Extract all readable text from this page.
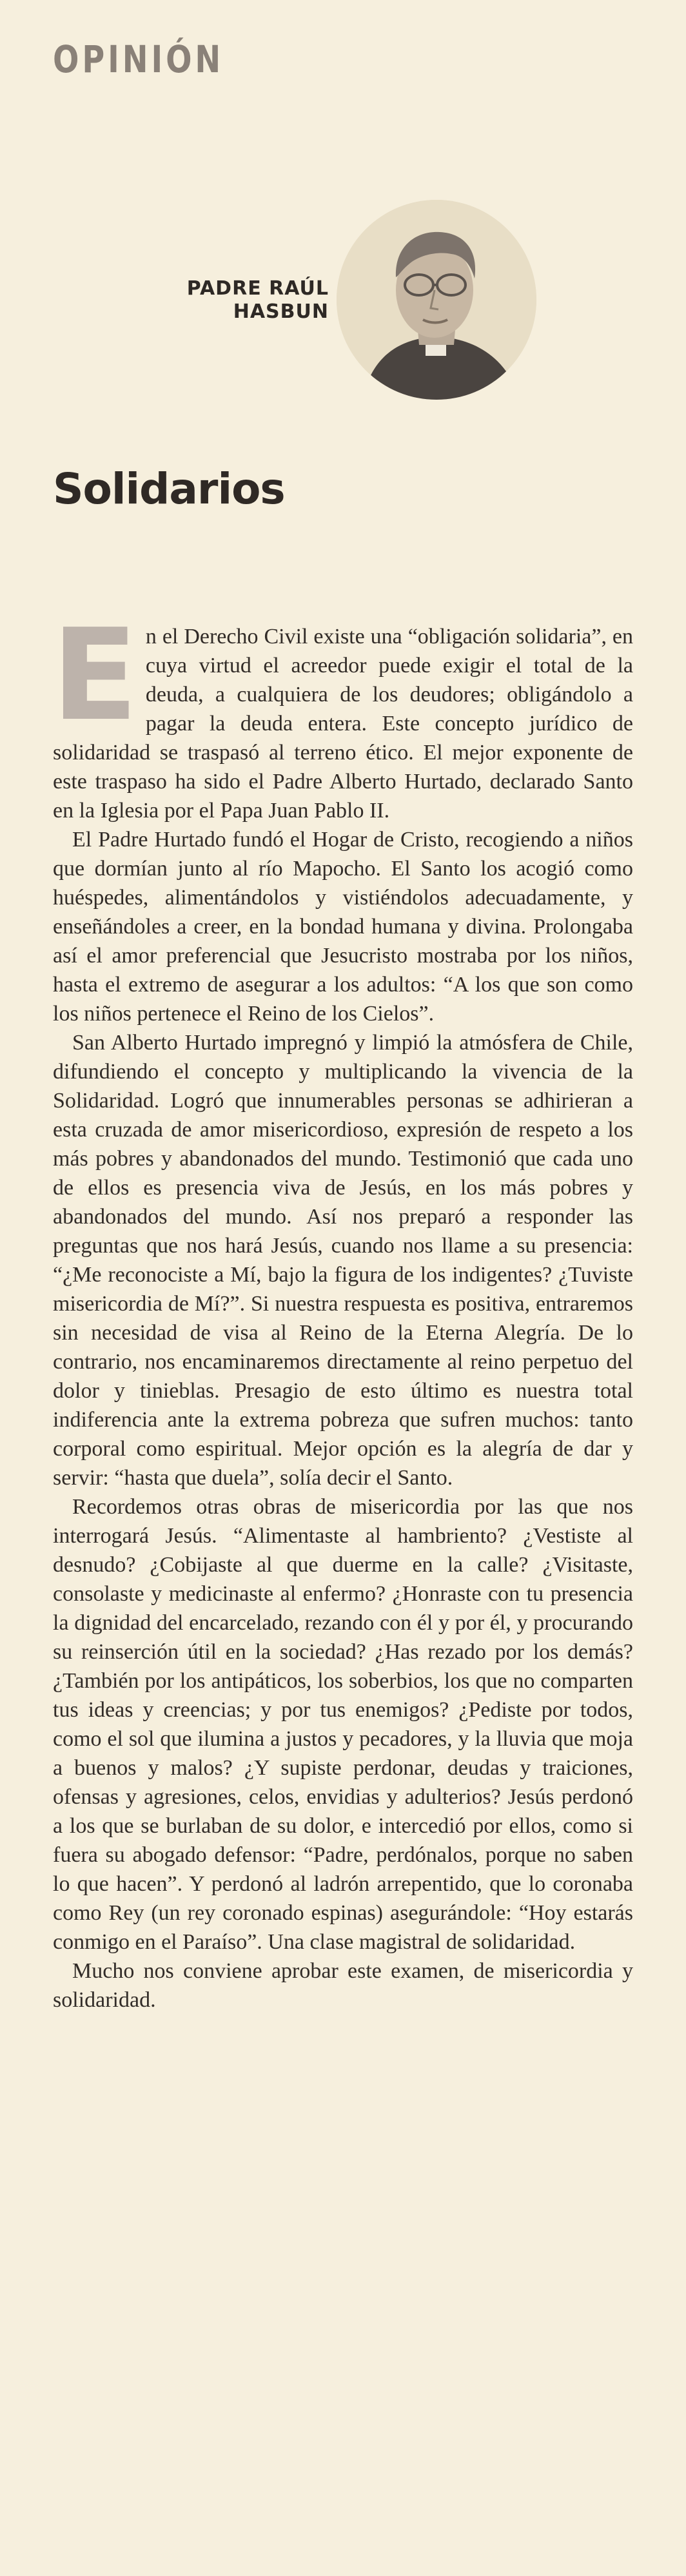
OPINIÓN
PADRE RAÚL
HASBUN
Solidarios

En el Derecho Civil existe una “obligación solidaria”, en cuya virtud el acreedor puede exigir el total de la deuda, a cualquiera de los deudores; obligándolo a pagar la deuda entera. Este concepto jurídico de solidaridad se traspasó al terreno ético. El mejor exponente de este traspaso ha sido el Padre Alberto Hurtado, declarado Santo en la Iglesia por el Papa Juan Pablo II.

El Padre Hurtado fundó el Hogar de Cristo, recogiendo a niños que dormían junto al río Mapocho. El Santo los acogió como huéspedes, alimentándolos y vistiéndolos adecuadamente, y enseñándoles a creer, en la bondad humana y divina. Prolongaba así el amor preferencial que Jesucristo mostraba por los niños, hasta el extremo de asegurar a los adultos: “A los que son como los niños pertenece el Reino de los Cielos”.

San Alberto Hurtado impregnó y limpió la atmósfera de Chile, difundiendo el concepto y multiplicando la vivencia de la Solidaridad. Logró que innumerables personas se adhirieran a esta cruzada de amor misericordioso, expresión de respeto a los más pobres y abandonados del mundo. Testimonió que cada uno de ellos es presencia viva de Jesús, en los más pobres y abandonados del mundo. Así nos preparó a responder las preguntas que nos hará Jesús, cuando nos llame a su presencia: “¿Me reconociste a Mí, bajo la figura de los indigentes? ¿Tuviste misericordia de Mí?”. Si nuestra respuesta es positiva, entraremos sin necesidad de visa al Reino de la Eterna Alegría. De lo contrario, nos encaminaremos directamente al reino perpetuo del dolor y tinieblas. Presagio de esto último es nuestra total indiferencia ante la extrema pobreza que sufren muchos: tanto corporal como espiritual. Mejor opción es la alegría de dar y servir: “hasta que duela”, solía decir el Santo.

Recordemos otras obras de misericordia por las que nos interrogará Jesús. “Alimentaste al hambriento? ¿Vestiste al desnudo? ¿Cobijaste al que duerme en la calle? ¿Visitaste, consolaste y medicinaste al enfermo? ¿Honraste con tu presencia la dignidad del encarcelado, rezando con él y por él, y procurando su reinserción útil en la sociedad? ¿Has rezado por los demás? ¿También por los antipáticos, los soberbios, los que no comparten tus ideas y creencias; y por tus enemigos? ¿Pediste por todos, como el sol que ilumina a justos y pecadores, y la lluvia que moja a buenos y malos? ¿Y supiste perdonar, deudas y traiciones, ofensas y agresiones, celos, envidias y adulterios? Jesús perdonó a los que se burlaban de su dolor, e intercedió por ellos, como si fuera su abogado defensor: “Padre, perdónalos, porque no saben lo que hacen”. Y perdonó al ladrón arrepentido, que lo coronaba como Rey (un rey coronado espinas) asegurándole: “Hoy estarás conmigo en el Paraíso”. Una clase magistral de solidaridad.

Mucho nos conviene aprobar este examen, de misericordia y solidaridad.
